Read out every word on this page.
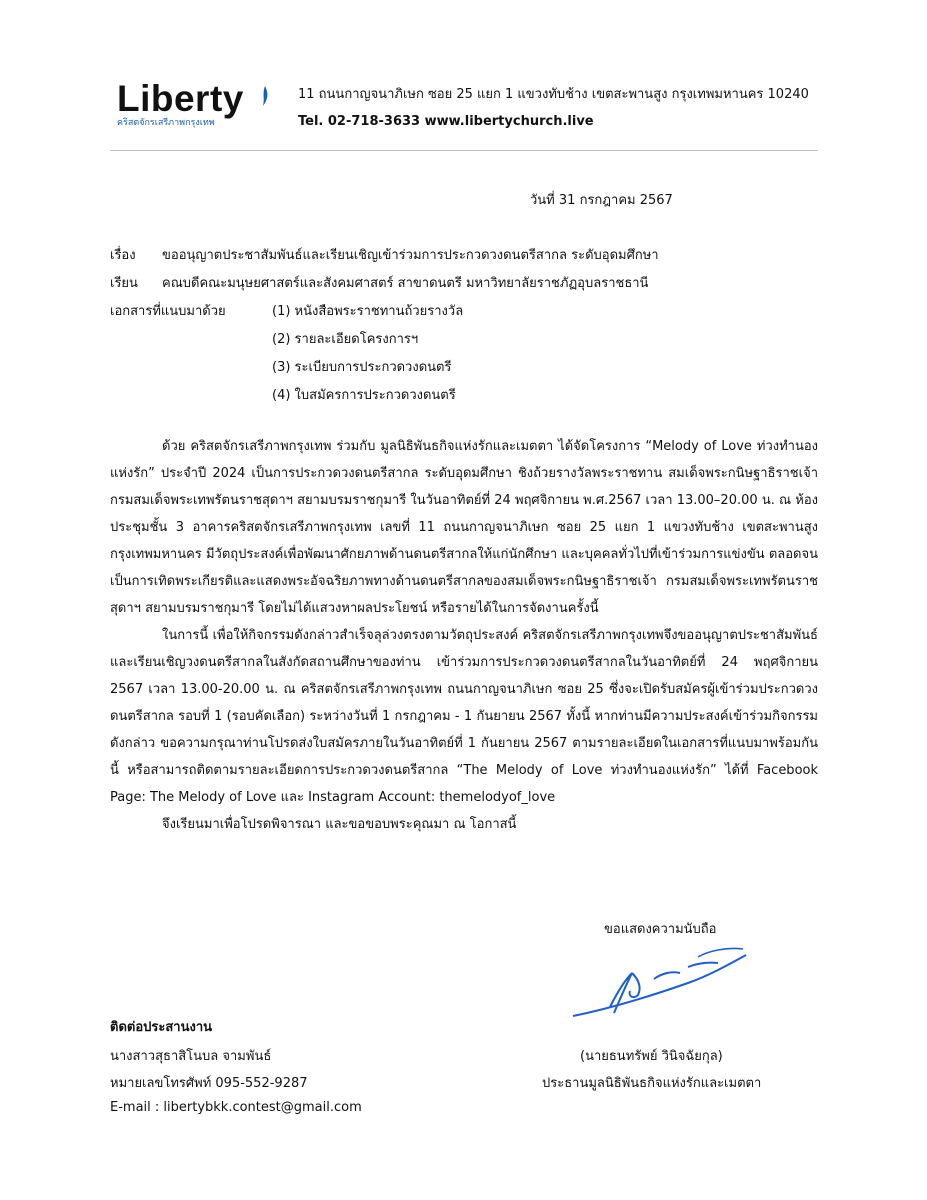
Liberty
คริสตจักรเสรีภาพกรุงเทพ
11 ถนนกาญจนาภิเษก ซอย 25 แยก 1 แขวงทับช้าง เขตสะพานสูง กรุงเทพมหานคร 10240
Tel. 02-718-3633 www.libertychurch.live
วันที่ 31 กรกฎาคม 2567
เรื่อง ขออนุญาตประชาสัมพันธ์และเรียนเชิญเข้าร่วมการประกวดวงดนตรีสากล ระดับอุดมศึกษา
เรียน คณบดีคณะมนุษยศาสตร์และสังคมศาสตร์ สาขาดนตรี มหาวิทยาลัยราชภัฏอุบลราชธานี
เอกสารที่แนบมาด้วย	(1) หนังสือพระราชทานถ้วยรางวัล
(2) รายละเอียดโครงการฯ
(3) ระเบียบการประกวดวงดนตรี
(4) ใบสมัครการประกวดวงดนตรี

ด้วย คริสตจักรเสรีภาพกรุงเทพ ร่วมกับ มูลนิธิพันธกิจแห่งรักและเมตตา ได้จัดโครงการ “Melody of Love ท่วงทำนองแห่งรัก” ประจำปี 2024 เป็นการประกวดวงดนตรีสากล ระดับอุดมศึกษา ชิงถ้วยรางวัลพระราชทาน สมเด็จพระกนิษฐาธิราชเจ้า กรมสมเด็จพระเทพรัตนราชสุดาฯ สยามบรมราชกุมารี ในวันอาทิตย์ที่ 24 พฤศจิกายน พ.ศ.2567 เวลา 13.00–20.00 น. ณ ห้องประชุมชั้น 3 อาคารคริสตจักรเสรีภาพกรุงเทพ เลขที่ 11 ถนนกาญจนาภิเษก ซอย 25 แยก 1 แขวงทับช้าง เขตสะพานสูง กรุงเทพมหานคร มีวัตถุประสงค์เพื่อพัฒนาศักยภาพด้านดนตรีสากลให้แก่นักศึกษา และบุคคลทั่วไปที่เข้าร่วมการแข่งขัน ตลอดจนเป็นการเทิดพระเกียรติและแสดงพระอัจฉริยภาพทางด้านดนตรีสากลของสมเด็จพระกนิษฐาธิราชเจ้า กรมสมเด็จพระเทพรัตนราชสุดาฯ สยามบรมราชกุมารี โดยไม่ได้แสวงหาผลประโยชน์ หรือรายได้ในการจัดงานครั้งนี้

ในการนี้ เพื่อให้กิจกรรมดังกล่าวสำเร็จลุล่วงตรงตามวัตถุประสงค์ คริสตจักรเสรีภาพกรุงเทพจึงขออนุญาตประชาสัมพันธ์และเรียนเชิญวงดนตรีสากลในสังกัดสถานศึกษาของท่าน เข้าร่วมการประกวดวงดนตรีสากลในวันอาทิตย์ที่ 24 พฤศจิกายน 2567 เวลา 13.00-20.00 น. ณ คริสตจักรเสรีภาพกรุงเทพ ถนนกาญจนาภิเษก ซอย 25 ซึ่งจะเปิดรับสมัครผู้เข้าร่วมประกวดวงดนตรีสากล รอบที่ 1 (รอบคัดเลือก) ระหว่างวันที่ 1 กรกฎาคม - 1 กันยายน 2567 ทั้งนี้ หากท่านมีความประสงค์เข้าร่วมกิจกรรมดังกล่าว ขอความกรุณาท่านโปรดส่งใบสมัครภายในวันอาทิตย์ที่ 1 กันยายน 2567 ตามรายละเอียดในเอกสารที่แนบมาพร้อมกันนี้ หรือสามารถติดตามรายละเอียดการประกวดวงดนตรีสากล “The Melody of Love ท่วงทำนองแห่งรัก” ได้ที่ Facebook Page: The Melody of Love และ Instagram Account: themelodyof_love

จึงเรียนมาเพื่อโปรดพิจารณา และขอขอบพระคุณมา ณ โอกาสนี้

ขอแสดงความนับถือ
(นายธนทรัพย์ วินิจฉัยกุล)
ประธานมูลนิธิพันธกิจแห่งรักและเมตตา
ติดต่อประสานงาน
นางสาวสุธาสิโนบล จามพันธ์
หมายเลขโทรศัพท์ 095-552-9287
E-mail : libertybkk.contest@gmail.com
